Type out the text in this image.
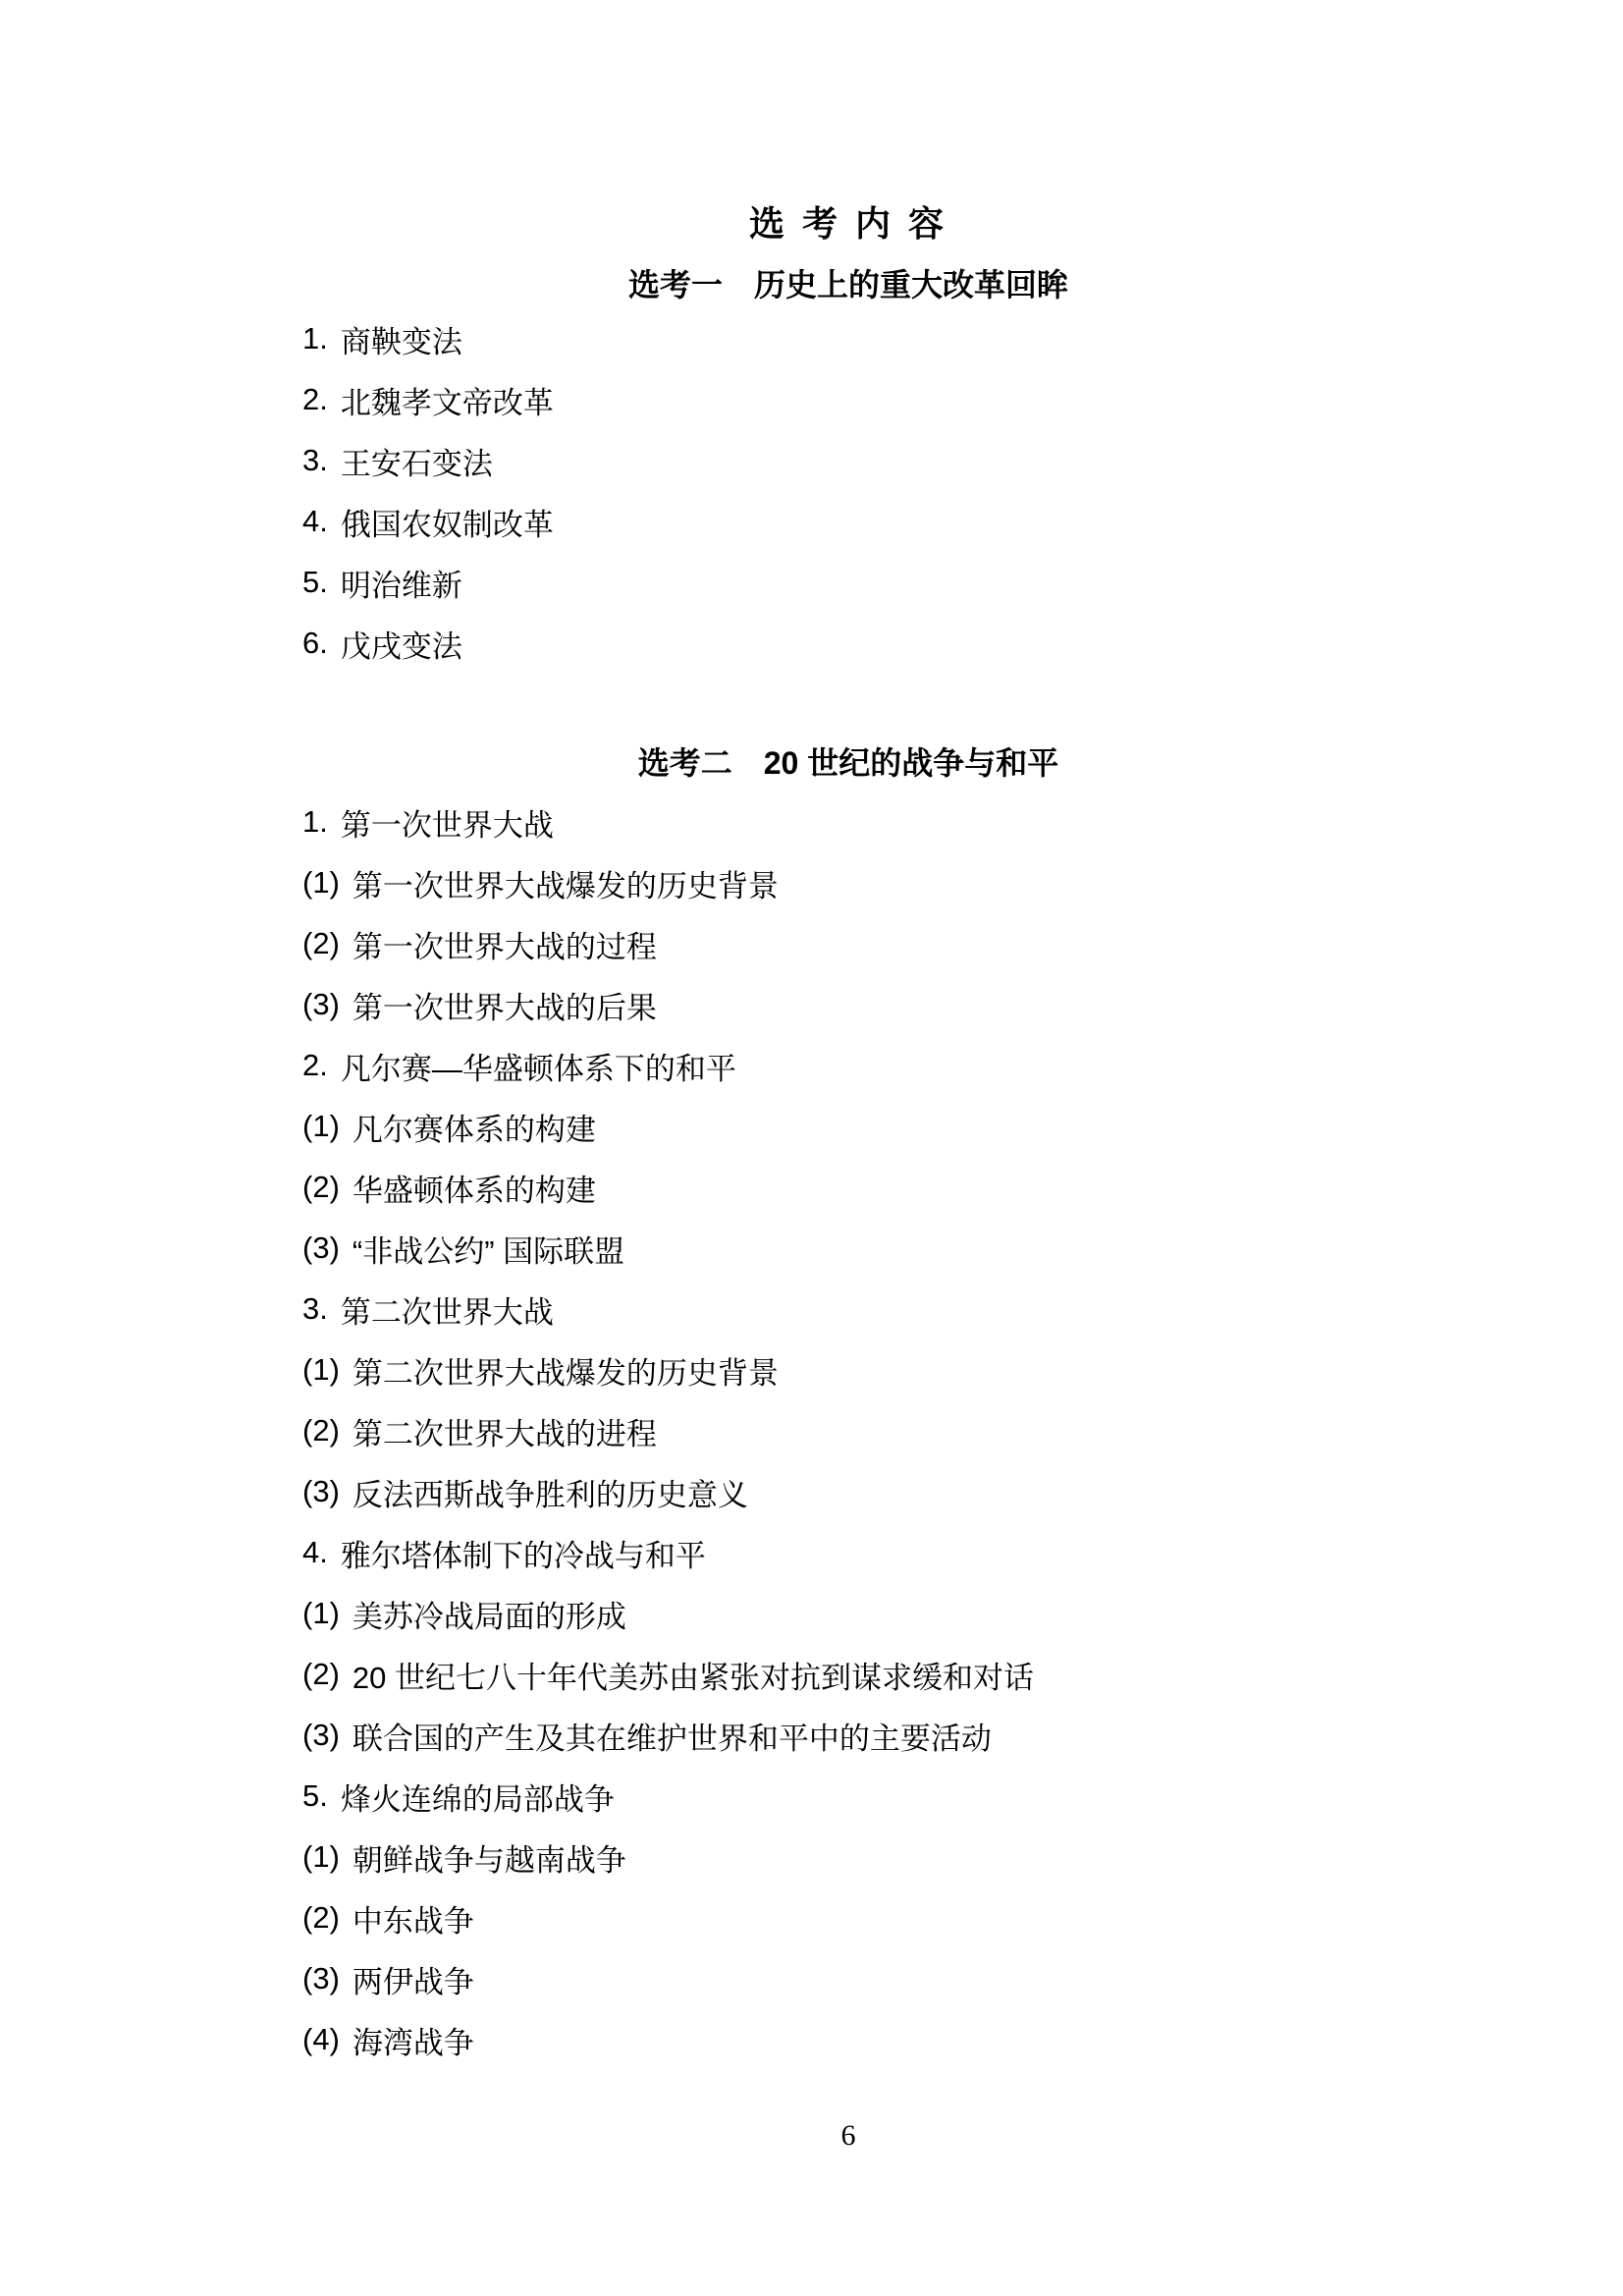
选 考 内 容
选考一　历史上的重大改革回眸
1. 商鞅变法
2. 北魏孝文帝改革
3. 王安石变法
4. 俄国农奴制改革
5. 明治维新
6. 戊戌变法
选考二　20 世纪的战争与和平
1. 第一次世界大战
(1) 第一次世界大战爆发的历史背景
(2) 第一次世界大战的过程
(3) 第一次世界大战的后果
2. 凡尔赛—华盛顿体系下的和平
(1) 凡尔赛体系的构建
(2) 华盛顿体系的构建
(3) “非战公约” 国际联盟
3. 第二次世界大战
(1) 第二次世界大战爆发的历史背景
(2) 第二次世界大战的进程
(3) 反法西斯战争胜利的历史意义
4. 雅尔塔体制下的冷战与和平
(1) 美苏冷战局面的形成
(2) 20 世纪七八十年代美苏由紧张对抗到谋求缓和对话
(3) 联合国的产生及其在维护世界和平中的主要活动
5. 烽火连绵的局部战争
(1) 朝鲜战争与越南战争
(2) 中东战争
(3) 两伊战争
(4) 海湾战争
6
